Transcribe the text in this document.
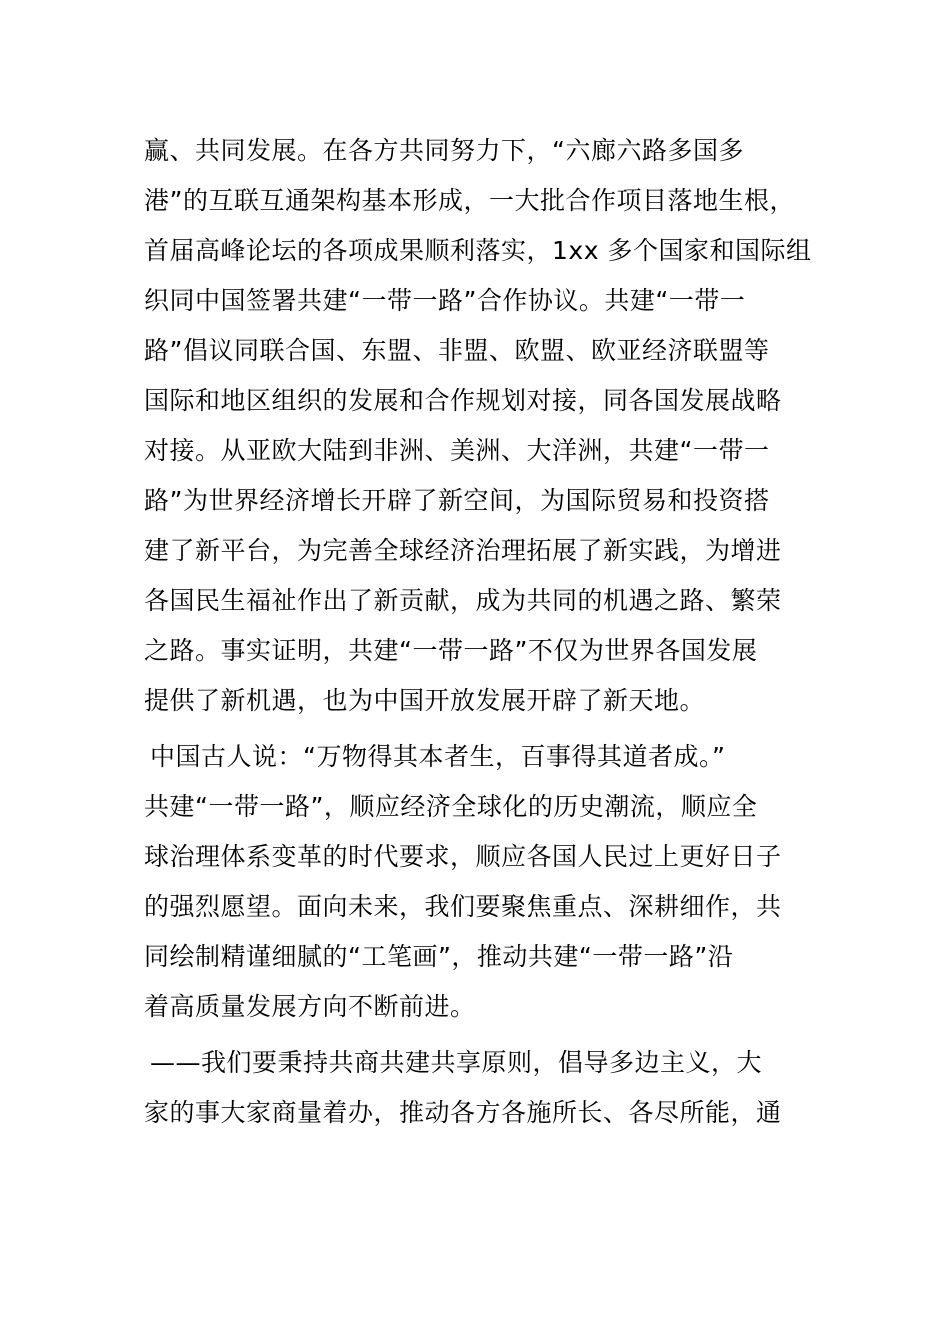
赢、共同发展。在各方共同努力下，“六廊六路多国多
港”的互联互通架构基本形成，一大批合作项目落地生根，
首届高峰论坛的各项成果顺利落实，1xx 多个国家和国际组
织同中国签署共建“一带一路”合作协议。共建“一带一
路”倡议同联合国、东盟、非盟、欧盟、欧亚经济联盟等
国际和地区组织的发展和合作规划对接，同各国发展战略
对接。从亚欧大陆到非洲、美洲、大洋洲，共建“一带一
路”为世界经济增长开辟了新空间，为国际贸易和投资搭
建了新平台，为完善全球经济治理拓展了新实践，为增进
各国民生福祉作出了新贡献，成为共同的机遇之路、繁荣
之路。事实证明，共建“一带一路”不仅为世界各国发展
提供了新机遇，也为中国开放发展开辟了新天地。
中国古人说：“万物得其本者生，百事得其道者成。”
共建“一带一路”，顺应经济全球化的历史潮流，顺应全
球治理体系变革的时代要求，顺应各国人民过上更好日子
的强烈愿望。面向未来，我们要聚焦重点、深耕细作，共
同绘制精谨细腻的“工笔画”，推动共建“一带一路”沿
着高质量发展方向不断前进。
——我们要秉持共商共建共享原则，倡导多边主义，大
家的事大家商量着办，推动各方各施所长、各尽所能，通
